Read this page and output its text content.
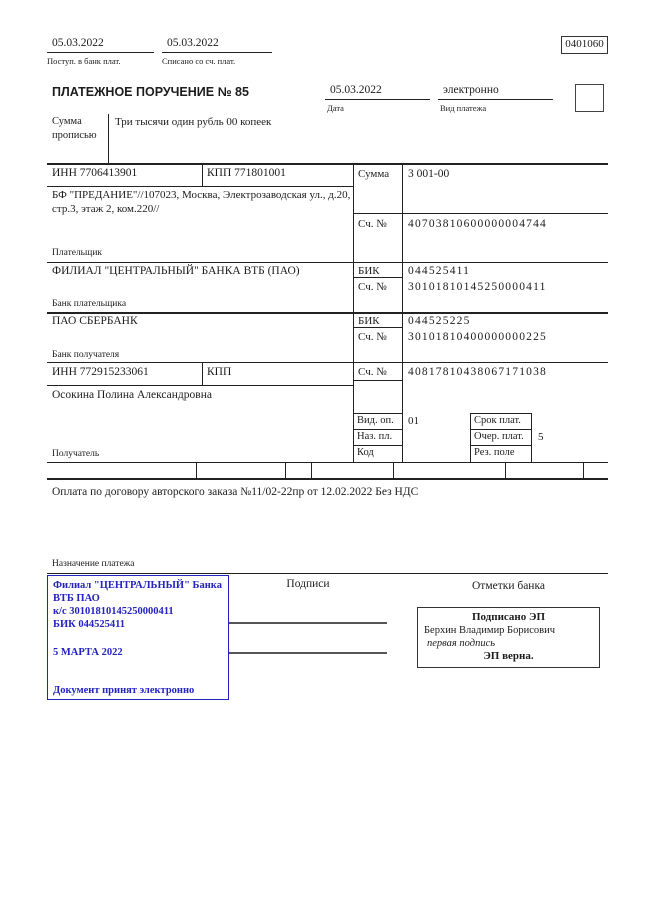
05.03.2022
Поступ. в банк плат.
05.03.2022
Списано со сч. плат.
0401060
ПЛАТЕЖНОЕ ПОРУЧЕНИЕ № 85	05.03.2022
Дата
электронно
Вид платежа
Сумма
прописью
Три тысячи один рубль 00 копеек
ИНН 7706413901	КПП 771801001	Сумма 3 001-00
БФ "ПРЕДАНИЕ"//107023, Москва, Электрозаводская ул., д.20, стр.3, этаж 2, ком.220//
Сч. № 40703810600000004744
Плательщик
ФИЛИАЛ "ЦЕНТРАЛЬНЫЙ" БАНКА ВТБ (ПАО)	БИК 044525411
Сч. № 30101810145250000411
Банк плательщика
ПАО СБЕРБАНК	БИК 044525225
Сч. № 30101810400000000225
Банк получателя
ИНН 772915233061	КПП	Сч. № 40817810438067171038
Осокина Полина Александровна
Получатель
Вид. оп. 01	Срок плат.
Наз. пл.	Очер. плат. 5
Код	Рез. поле
Оплата по договору авторского заказа №11/02-22пр от 12.02.2022 Без НДС
Назначение платежа
Филиал "ЦЕНТРАЛЬНЫЙ" Банка
ВТБ ПАО
к/с 30101810145250000411
БИК 044525411
5 МАРТА 2022
Документ принят электронно
Подписи	Отметки банка
Подписано ЭП
Берхин Владимир Борисович
первая подпись
ЭП верна.
